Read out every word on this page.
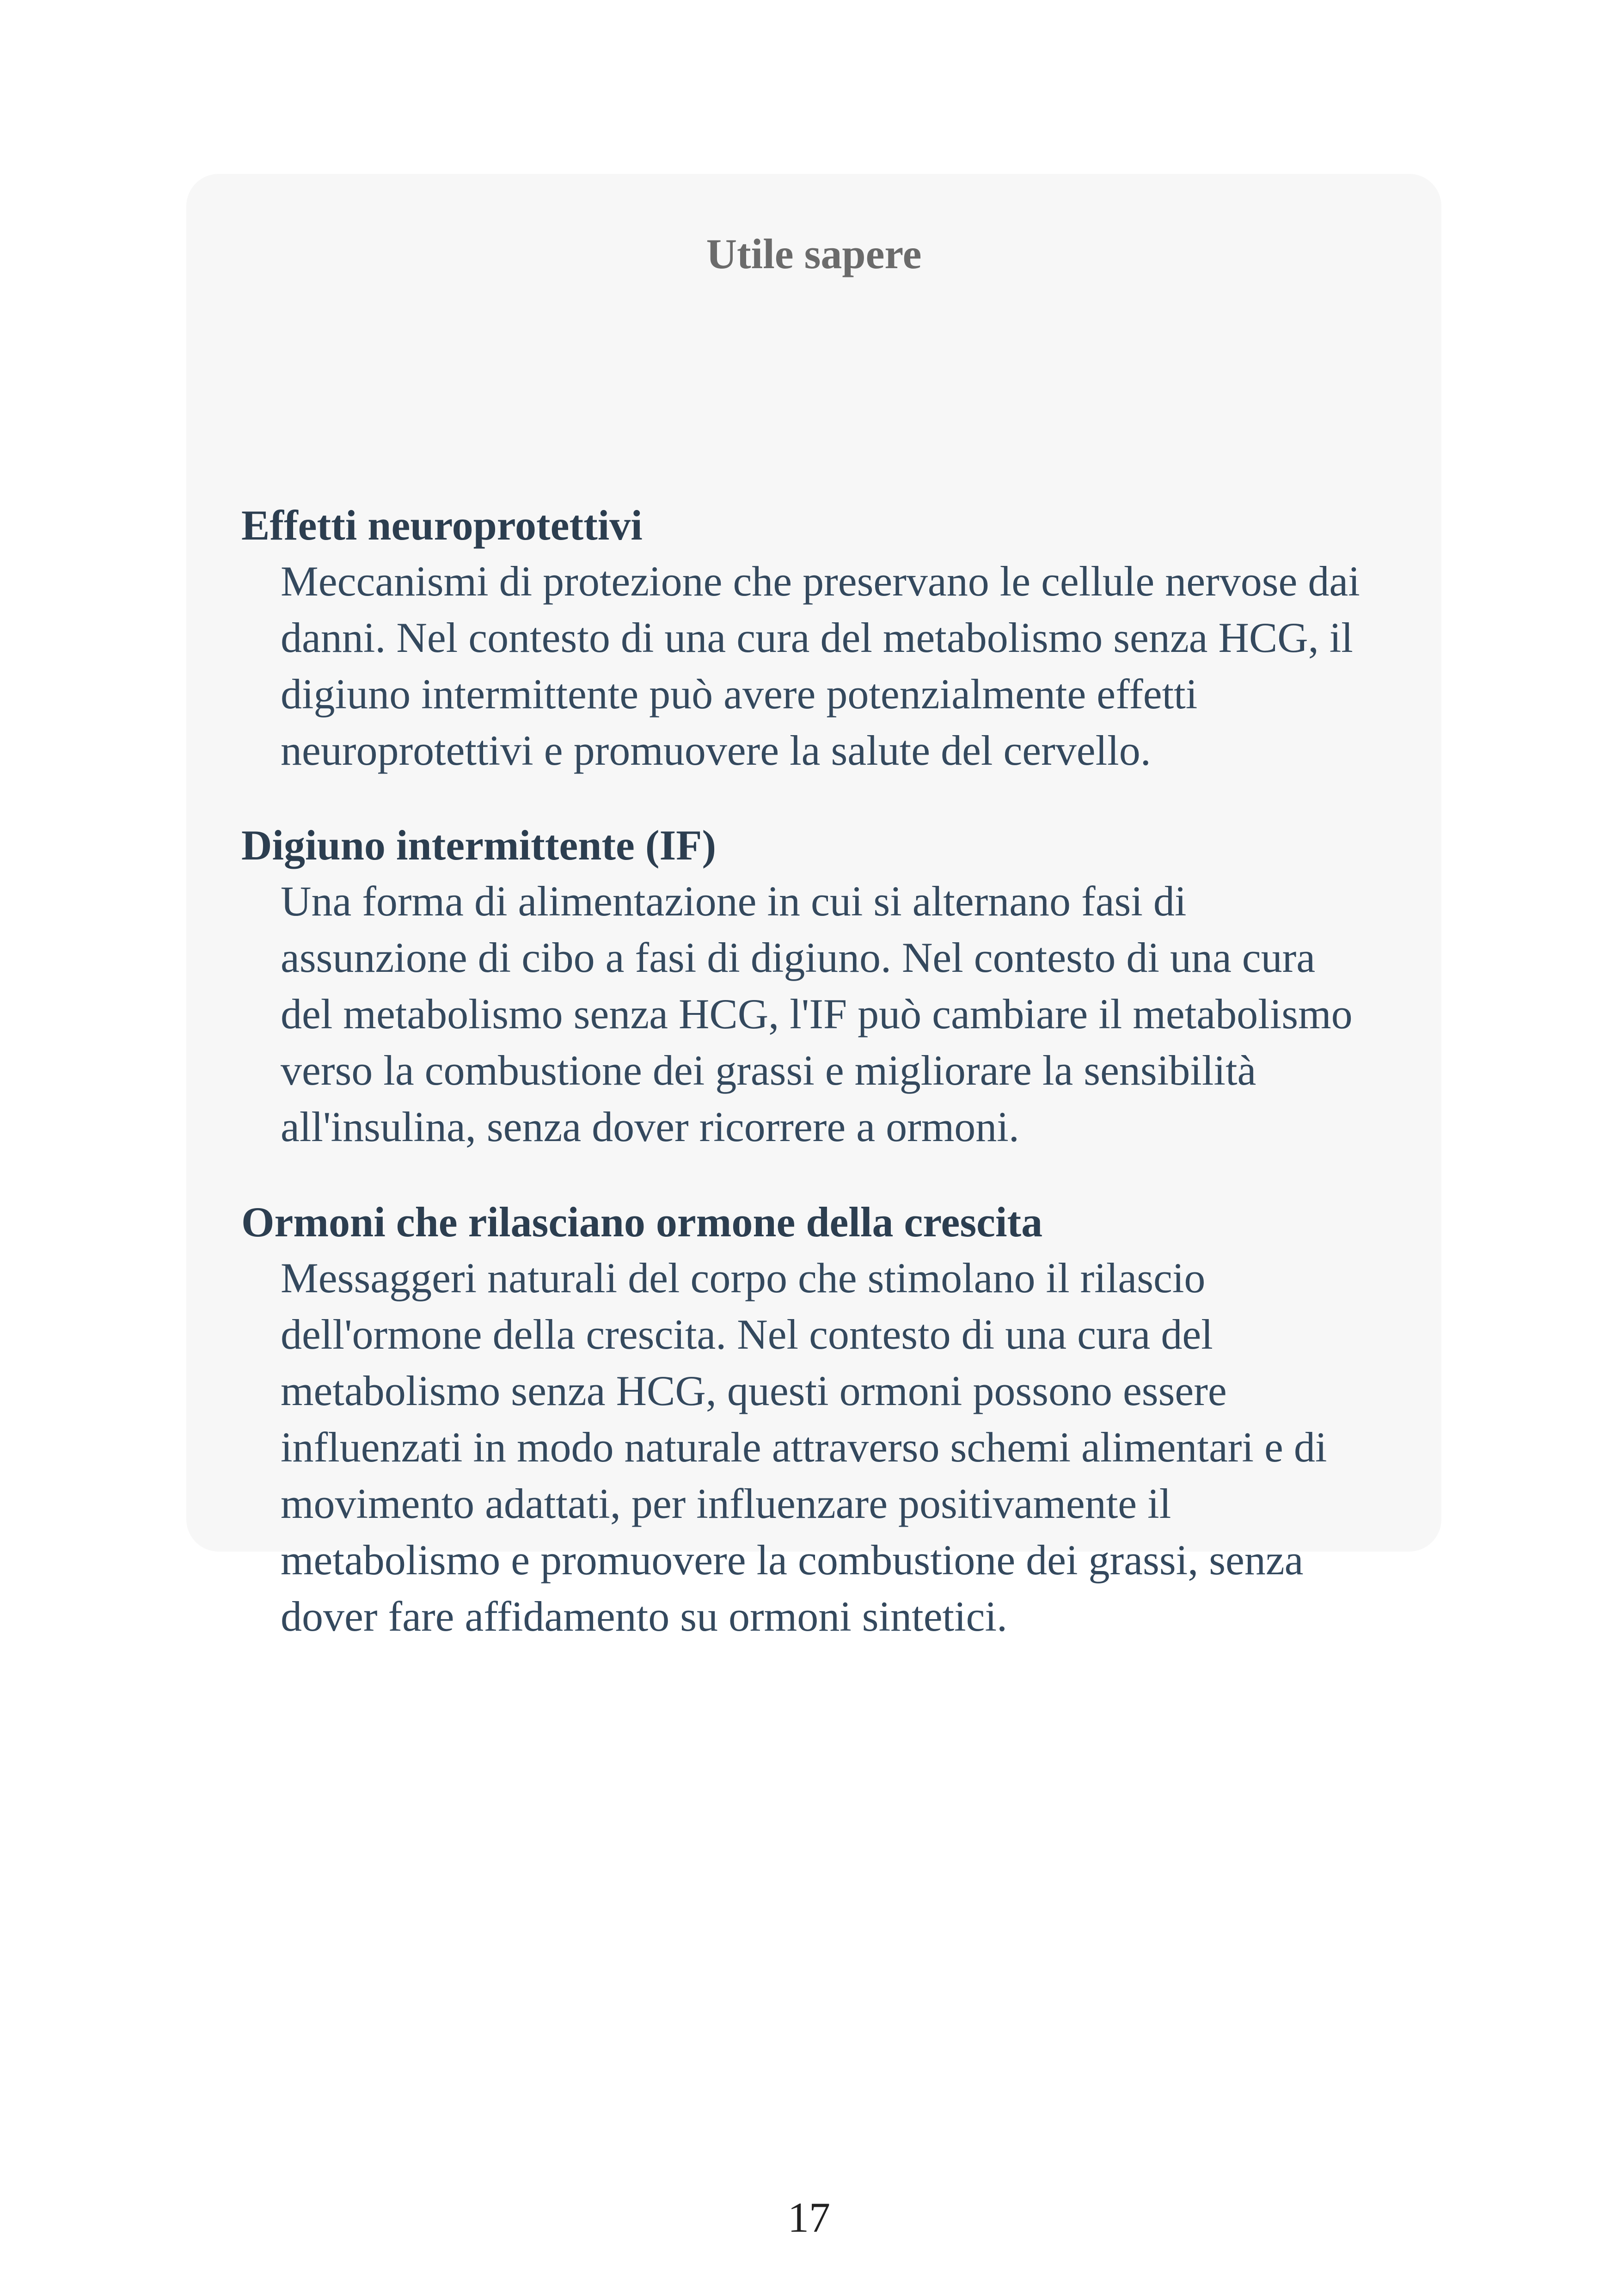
Utile sapere

Effetti neuroprotettivi

Meccanismi di protezione che preservano le cellule nervose dai
danni. Nel contesto di una cura del metabolismo senza HCG, il
digiuno intermittente può avere potenzialmente effetti
neuroprotettivi e promuovere la salute del cervello.

Digiuno intermittente (IF)

Una forma di alimentazione in cui si alternano fasi di
assunzione di cibo a fasi di digiuno. Nel contesto di una cura
del metabolismo senza HCG, l'IF può cambiare il metabolismo
verso la combustione dei grassi e migliorare la sensibilità
all'insulina, senza dover ricorrere a ormoni.

Ormoni che rilasciano ormone della crescita

Messaggeri naturali del corpo che stimolano il rilascio
dell'ormone della crescita. Nel contesto di una cura del
metabolismo senza HCG, questi ormoni possono essere
influenzati in modo naturale attraverso schemi alimentari e di
movimento adattati, per influenzare positivamente il
metabolismo e promuovere la combustione dei grassi, senza
dover fare affidamento su ormoni sintetici.

17
